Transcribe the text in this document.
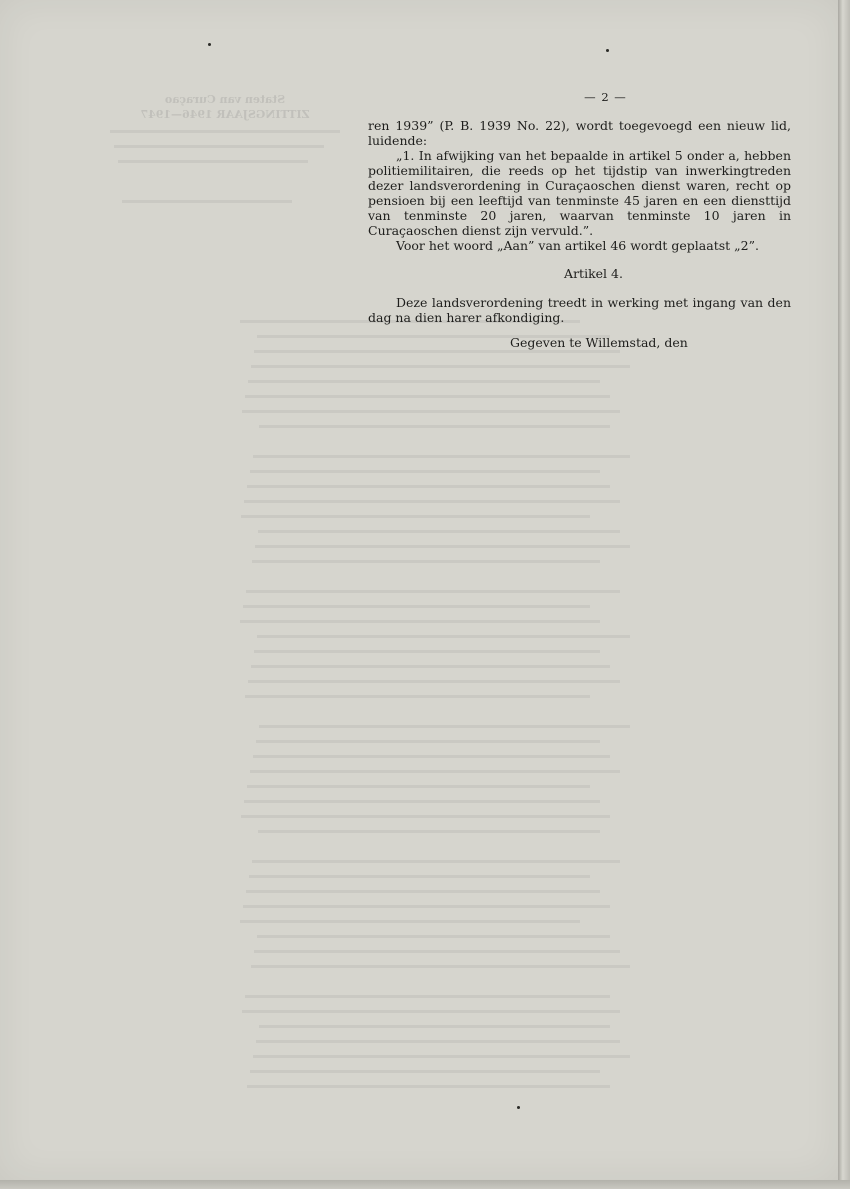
— 2 —

ren 1939” (P. B. 1939 No. 22), wordt toegevoegd een nieuw lid, luidende:

„1. In afwijking van het bepaalde in artikel 5 onder a, hebben politiemilitairen, die reeds op het tijdstip van inwerkingtreden dezer landsverordening in Curaçaoschen dienst waren, recht op pensioen bij een leeftijd van tenminste 45 jaren en een diensttijd van tenminste 20 jaren, waarvan tenminste 10 jaren in Curaçaoschen dienst zijn vervuld.”.

Voor het woord „Aan” van artikel 46 wordt geplaatst „2”.

Artikel 4.

Deze landsverordening treedt in werking met ingang van den dag na dien harer afkondiging.

Gegeven te Willemstad, den
